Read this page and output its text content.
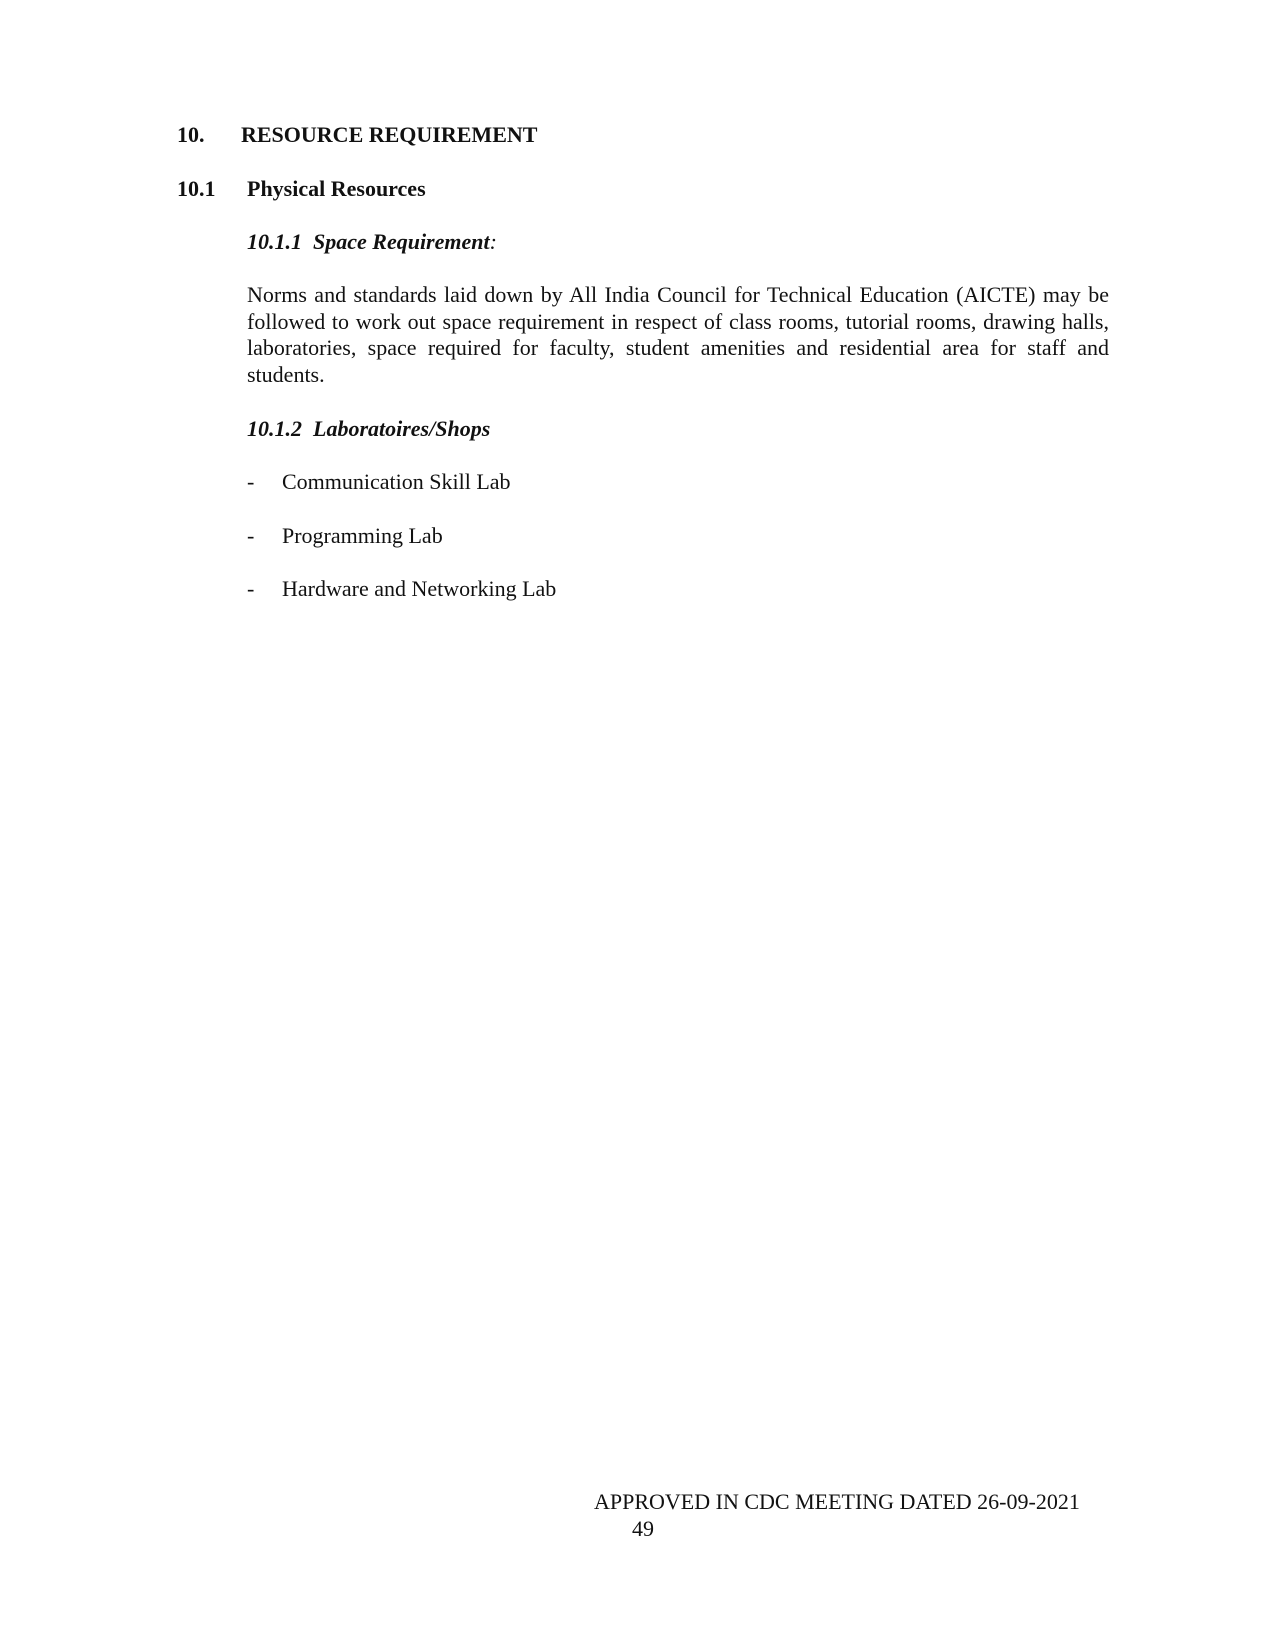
10. RESOURCE REQUIREMENT
10.1 Physical Resources
10.1.1  Space Requirement:
Norms and standards laid down by All India Council for Technical Education (AICTE) may be followed to work out space requirement in respect of class rooms, tutorial rooms, drawing halls, laboratories, space required for faculty, student amenities and residential area for staff and students.
10.1.2  Laboratoires/Shops
- Communication Skill Lab
- Programming Lab
- Hardware and Networking Lab
APPROVED IN CDC MEETING DATED 26-09-2021
49
